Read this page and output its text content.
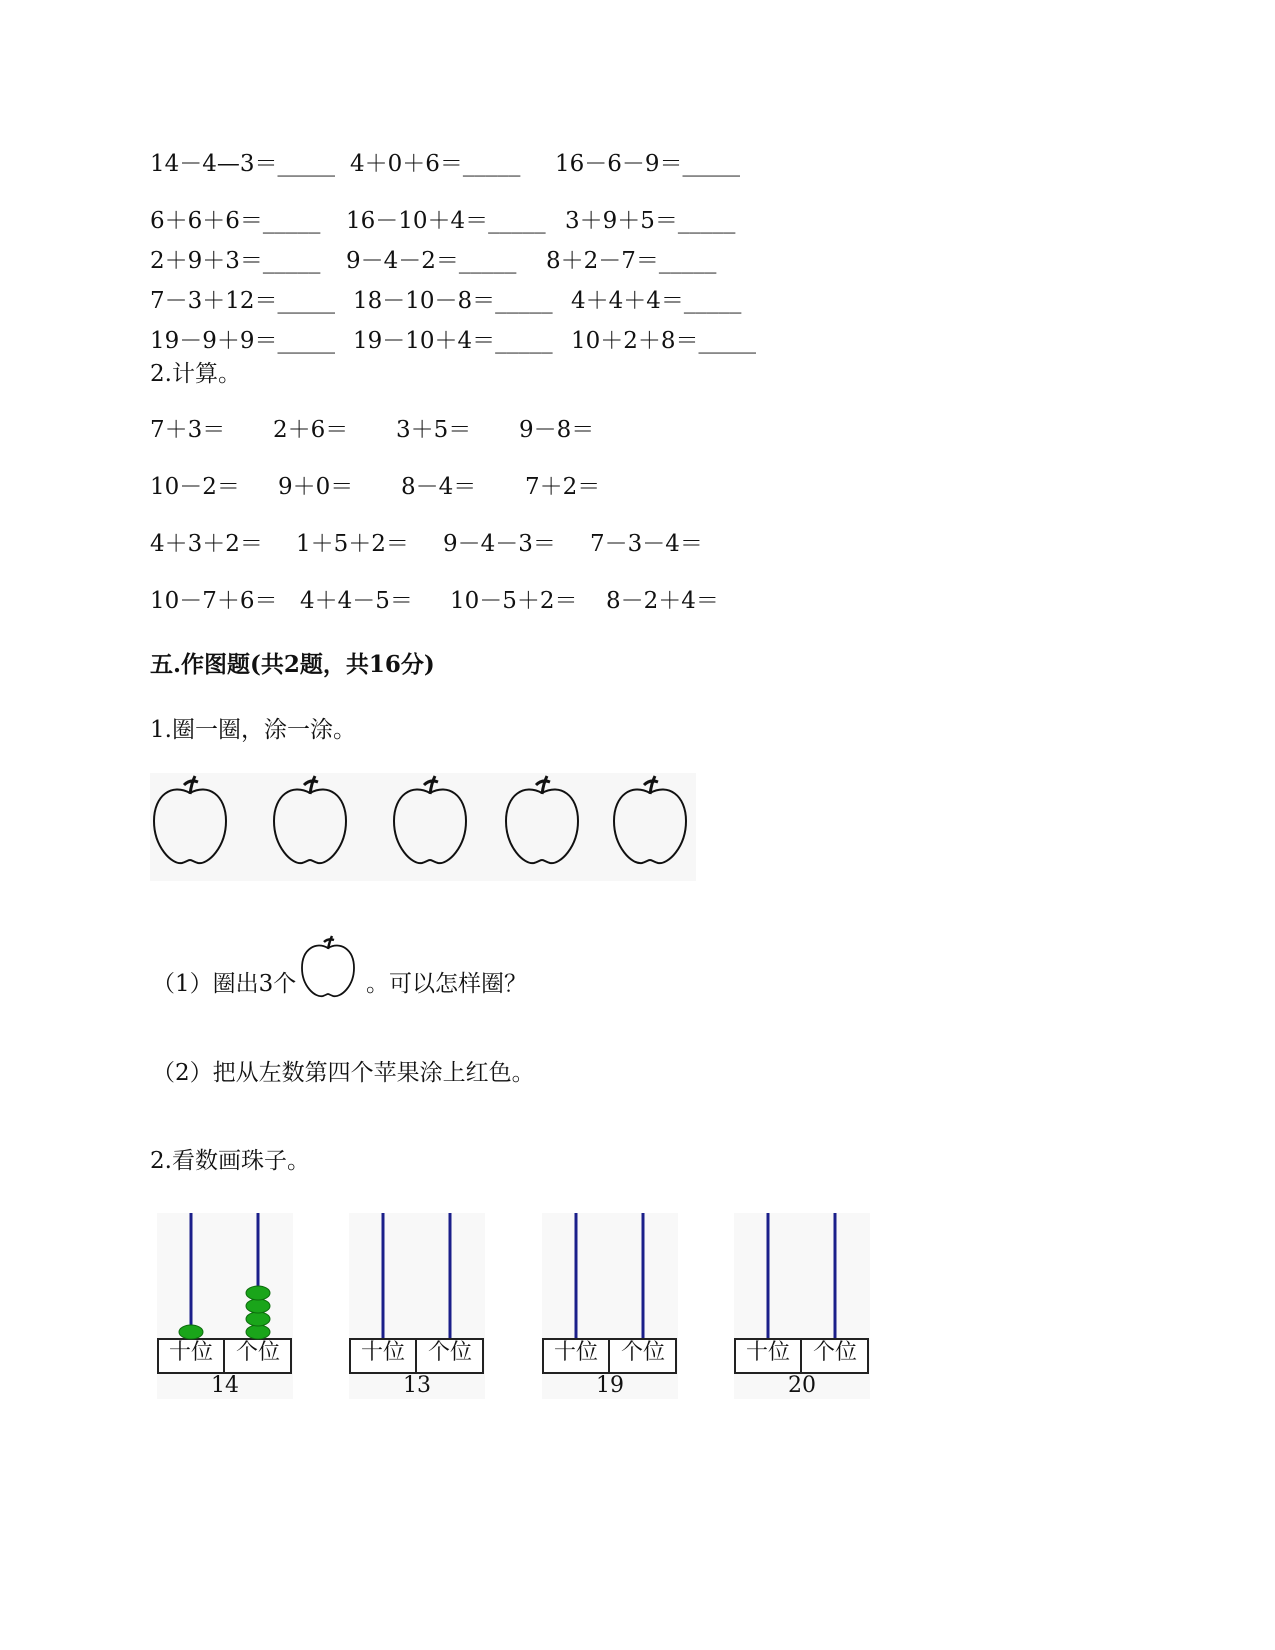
14－4—3＝_____ 4＋0＋6＝_____ 16－6－9＝_____
6＋6＋6＝_____ 16－10＋4＝_____ 3＋9＋5＝_____
2＋9＋3＝_____ 9－4－2＝_____ 8＋2－7＝_____
7－3＋12＝_____ 18－10－8＝_____ 4＋4＋4＝_____
19－9＋9＝_____ 19－10＋4＝_____ 10＋2＋8＝_____
2.计算。
7＋3＝ 2＋6＝ 3＋5＝ 9－8＝
10－2＝ 9＋0＝ 8－4＝ 7＋2＝
4＋3＋2＝ 1＋5＋2＝ 9－4－3＝ 7－3－4＝
10－7＋6＝ 4＋4－5＝ 10－5＋2＝ 8－2＋4＝
五.作图题(共2题，共16分)
1.圈一圈，涂一涂。
（1）圈出3个	。可以怎样圈？
（2）把从左数第四个苹果涂上红色。
2.看数画珠子。
十位	个位
14
十位	个位
13
十位	个位
19
十位	个位
20
